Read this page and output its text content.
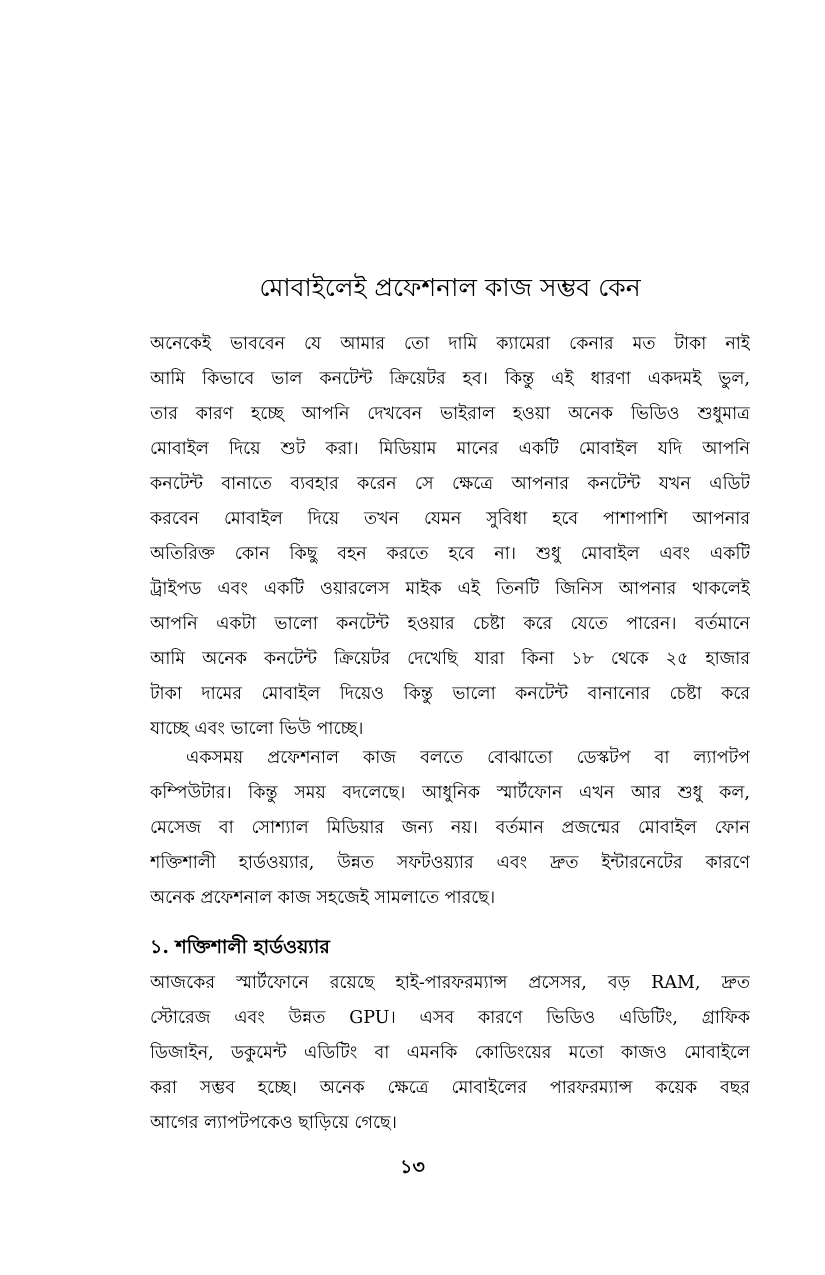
মোবাইলেই প্রফেশনাল কাজ সম্ভব কেন
অনেকেই ভাববেন যে আমার তো দামি ক্যামেরা কেনার মত টাকা নাই
আমি কিভাবে ভাল কনটেন্ট ক্রিয়েটর হব। কিন্তু এই ধারণা একদমই ভুল,
তার কারণ হচ্ছে আপনি দেখবেন ভাইরাল হওয়া অনেক ভিডিও শুধুমাত্র
মোবাইল দিয়ে শুট করা। মিডিয়াম মানের একটি মোবাইল যদি আপনি
কনটেন্ট বানাতে ব্যবহার করেন সে ক্ষেত্রে আপনার কনটেন্ট যখন এডিট
করবেন মোবাইল দিয়ে তখন যেমন সুবিধা হবে পাশাপাশি আপনার
অতিরিক্ত কোন কিছু বহন করতে হবে না। শুধু মোবাইল এবং একটি
ট্রাইপড এবং একটি ওয়ারলেস মাইক এই তিনটি জিনিস আপনার থাকলেই
আপনি একটা ভালো কনটেন্ট হওয়ার চেষ্টা করে যেতে পারেন। বর্তমানে
আমি অনেক কনটেন্ট ক্রিয়েটর দেখেছি যারা কিনা ১৮ থেকে ২৫ হাজার
টাকা দামের মোবাইল দিয়েও কিন্তু ভালো কনটেন্ট বানানোর চেষ্টা করে
যাচ্ছে এবং ভালো ভিউ পাচ্ছে।
একসময় প্রফেশনাল কাজ বলতে বোঝাতো ডেস্কটপ বা ল্যাপটপ
কম্পিউটার। কিন্তু সময় বদলেছে। আধুনিক স্মার্টফোন এখন আর শুধু কল,
মেসেজ বা সোশ্যাল মিডিয়ার জন্য নয়। বর্তমান প্রজন্মের মোবাইল ফোন
শক্তিশালী হার্ডওয়্যার, উন্নত সফটওয়্যার এবং দ্রুত ইন্টারনেটের কারণে
অনেক প্রফেশনাল কাজ সহজেই সামলাতে পারছে।
১. শক্তিশালী হার্ডওয়্যার
আজকের স্মার্টফোনে রয়েছে হাই-পারফরম্যান্স প্রসেসর, বড় RAM, দ্রুত
স্টোরেজ এবং উন্নত GPU। এসব কারণে ভিডিও এডিটিং, গ্রাফিক
ডিজাইন, ডকুমেন্ট এডিটিং বা এমনকি কোডিংয়ের মতো কাজও মোবাইলে
করা সম্ভব হচ্ছে। অনেক ক্ষেত্রে মোবাইলের পারফরম্যান্স কয়েক বছর
আগের ল্যাপটপকেও ছাড়িয়ে গেছে।
১৩
